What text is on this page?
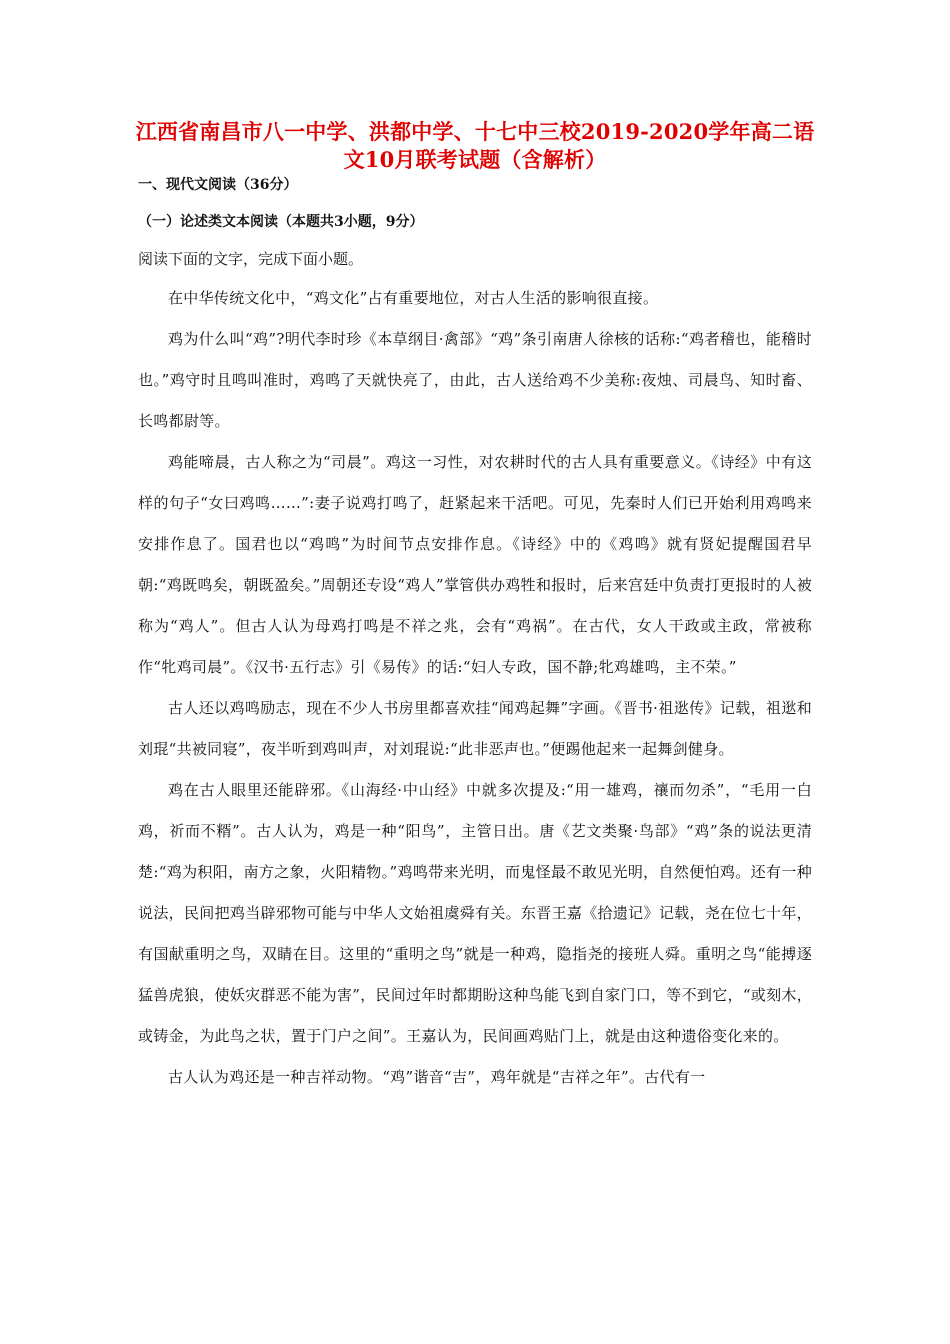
江西省南昌市八一中学、洪都中学、十七中三校2019-2020学年高二语文10月联考试题（含解析）

一、现代文阅读（36分）

（一）论述类文本阅读（本题共3小题，9分）

阅读下面的文字，完成下面小题。

在中华传统文化中，“鸡文化”占有重要地位，对古人生活的影响很直接。

鸡为什么叫“鸡”?明代李时珍《本草纲目·禽部》“鸡”条引南唐人徐核的话称:“鸡者稽也，能稽时也。”鸡守时且鸣叫准时，鸡鸣了天就快亮了，由此，古人送给鸡不少美称:夜烛、司晨鸟、知时畜、长鸣都尉等。

鸡能啼晨，古人称之为“司晨”。鸡这一习性，对农耕时代的古人具有重要意义。《诗经》中有这样的句子“女曰鸡鸣……”:妻子说鸡打鸣了，赶紧起来干活吧。可见，先秦时人们已开始利用鸡鸣来安排作息了。国君也以“鸡鸣”为时间节点安排作息。《诗经》中的《鸡鸣》就有贤妃提醒国君早朝:“鸡既鸣矣，朝既盈矣。”周朝还专设“鸡人”掌管供办鸡牲和报时，后来宫廷中负责打更报时的人被称为“鸡人”。但古人认为母鸡打鸣是不祥之兆，会有“鸡祸”。在古代，女人干政或主政，常被称作“牝鸡司晨”。《汉书·五行志》引《易传》的话:“妇人专政，国不静;牝鸡雄鸣，主不荣。”

古人还以鸡鸣励志，现在不少人书房里都喜欢挂“闻鸡起舞”字画。《晋书·祖逖传》记载，祖逖和刘琨“共被同寝”，夜半听到鸡叫声，对刘琨说:“此非恶声也。”便踢他起来一起舞剑健身。

鸡在古人眼里还能辟邪。《山海经·中山经》中就多次提及:“用一雄鸡，禳而勿杀”，“毛用一白鸡，祈而不糈”。古人认为，鸡是一种“阳鸟”，主管日出。唐《艺文类聚·鸟部》“鸡”条的说法更清楚:“鸡为积阳，南方之象，火阳精物。”鸡鸣带来光明，而鬼怪最不敢见光明，自然便怕鸡。还有一种说法，民间把鸡当辟邪物可能与中华人文始祖虞舜有关。东晋王嘉《拾遗记》记载，尧在位七十年，有国献重明之鸟，双睛在目。这里的“重明之鸟”就是一种鸡，隐指尧的接班人舜。重明之鸟“能搏逐猛兽虎狼，使妖灾群恶不能为害”，民间过年时都期盼这种鸟能飞到自家门口，等不到它，“或刻木，或铸金，为此鸟之状，置于门户之间”。王嘉认为，民间画鸡贴门上，就是由这种遗俗变化来的。

古人认为鸡还是一种吉祥动物。“鸡”谐音“吉”，鸡年就是“吉祥之年”。古代有一
